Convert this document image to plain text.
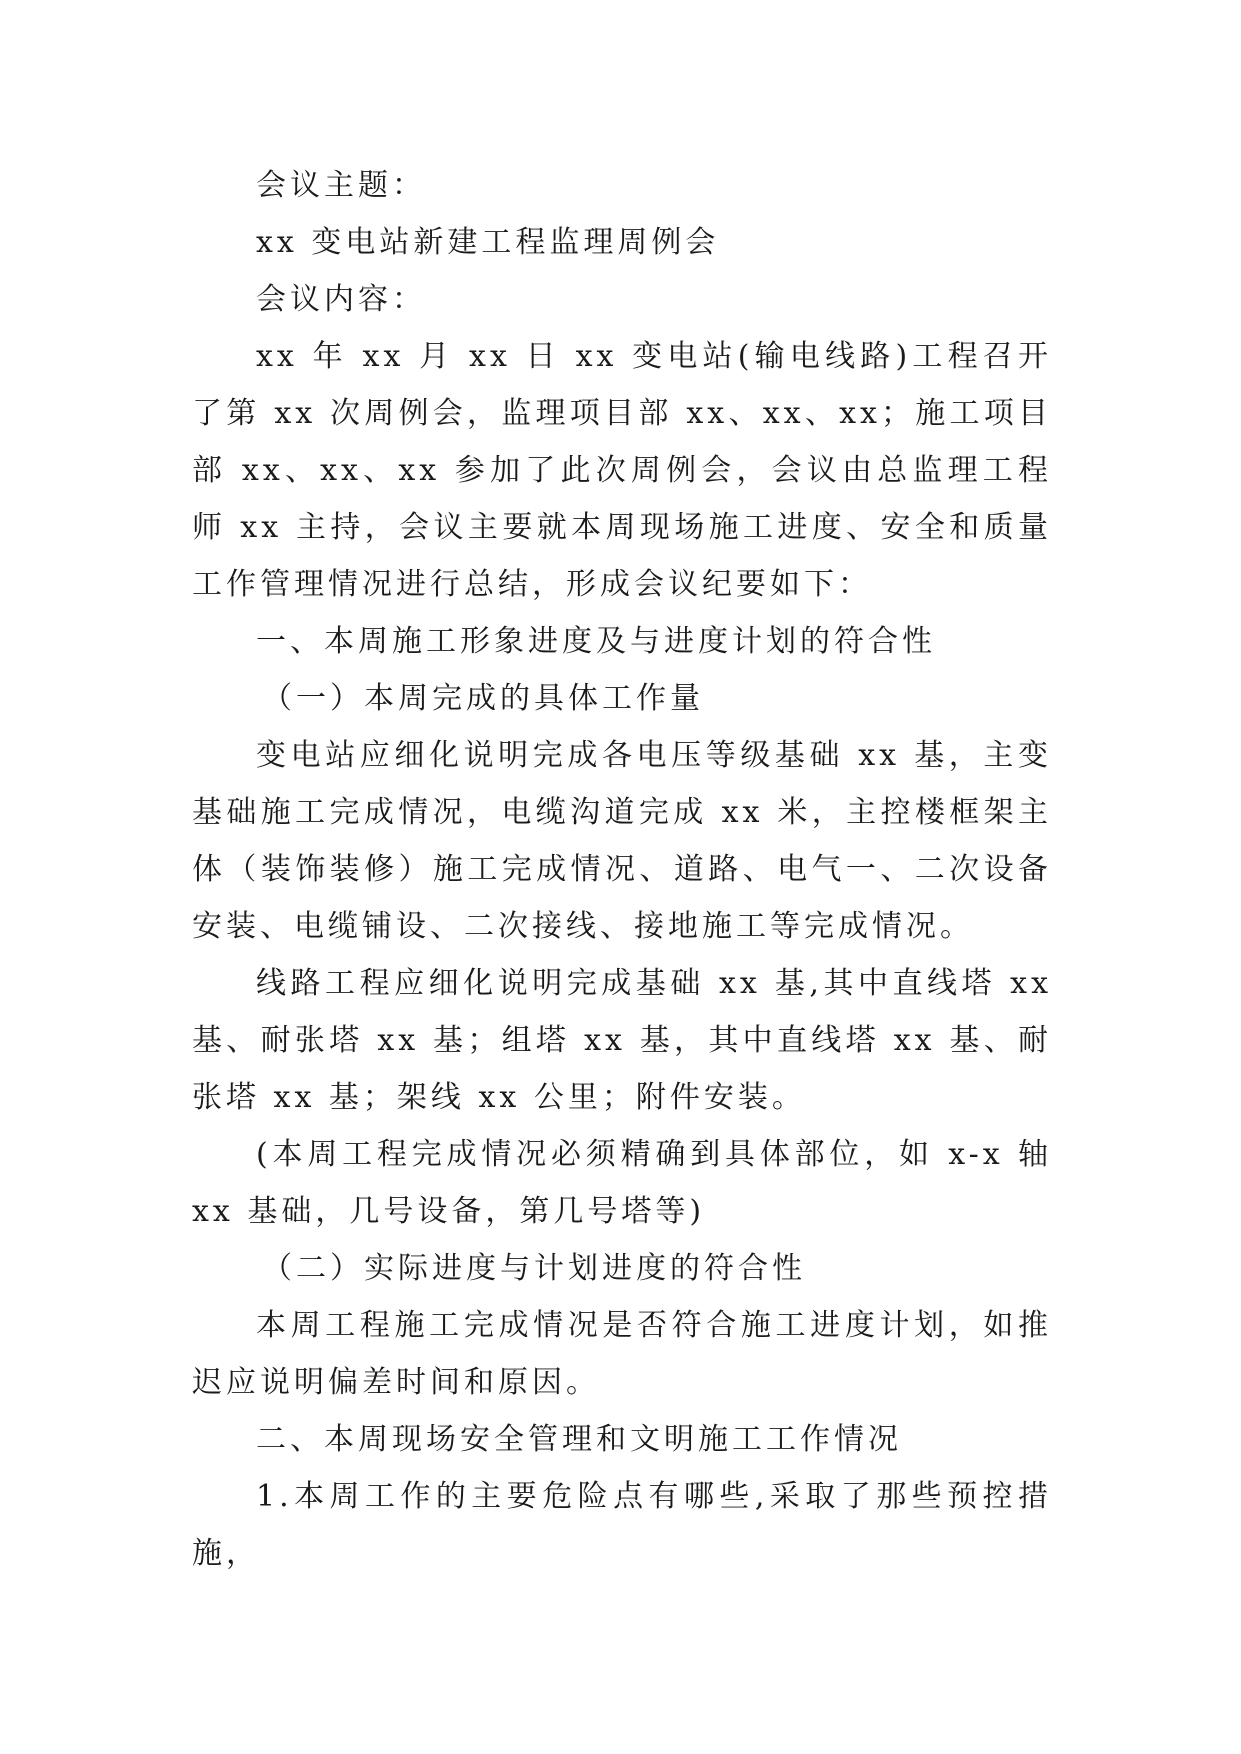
会议主题：

xx 变电站新建工程监理周例会

会议内容：

xx 年 xx 月 xx 日 xx 变电站(输电线路)工程召开了第 xx 次周例会，监理项目部 xx、xx、xx；施工项目部 xx、xx、xx 参加了此次周例会，会议由总监理工程师 xx 主持，会议主要就本周现场施工进度、安全和质量工作管理情况进行总结，形成会议纪要如下：

一、本周施工形象进度及与进度计划的符合性

（一）本周完成的具体工作量

变电站应细化说明完成各电压等级基础 xx 基，主变基础施工完成情况，电缆沟道完成 xx 米，主控楼框架主体（装饰装修）施工完成情况、道路、电气一、二次设备安装、电缆铺设、二次接线、接地施工等完成情况。

线路工程应细化说明完成基础 xx 基,其中直线塔 xx 基、耐张塔 xx 基；组塔 xx 基，其中直线塔 xx 基、耐张塔 xx 基；架线 xx 公里；附件安装。

(本周工程完成情况必须精确到具体部位，如 x-x 轴 xx 基础，几号设备，第几号塔等)

（二）实际进度与计划进度的符合性

本周工程施工完成情况是否符合施工进度计划，如推迟应说明偏差时间和原因。

二、本周现场安全管理和文明施工工作情况

1.本周工作的主要危险点有哪些,采取了那些预控措施，
